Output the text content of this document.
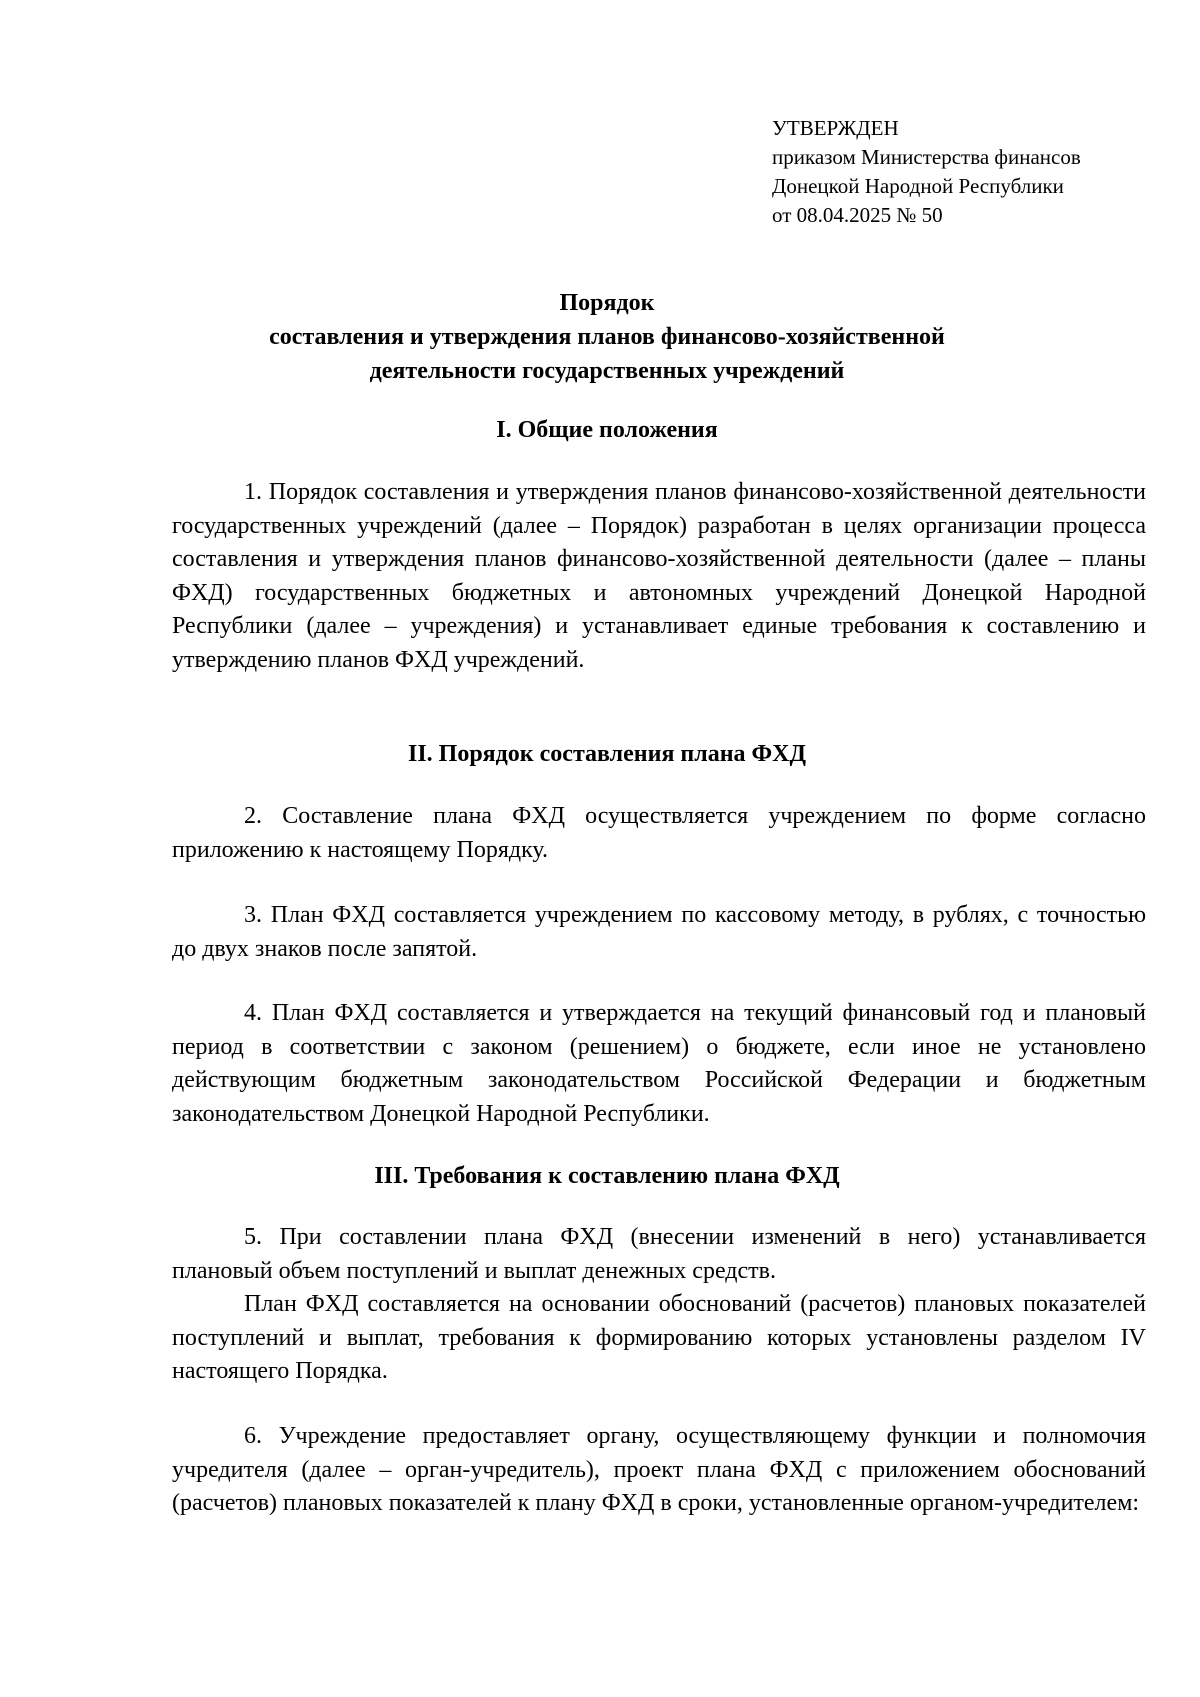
УТВЕРЖДЕН
приказом Министерства финансов
Донецкой Народной Республики
от 08.04.2025 № 50
Порядок
составления и утверждения планов финансово-хозяйственной
деятельности государственных учреждений
I. Общие положения
1. Порядок составления и утверждения планов финансово-хозяйственной деятельности государственных учреждений (далее – Порядок) разработан в целях организации процесса составления и утверждения планов финансово-хозяйственной деятельности (далее – планы ФХД) государственных бюджетных и автономных учреждений Донецкой Народной Республики (далее – учреждения) и устанавливает единые требования к составлению и утверждению планов ФХД учреждений.
II. Порядок составления плана ФХД
2. Составление плана ФХД осуществляется учреждением по форме согласно приложению к настоящему Порядку.
3. План ФХД составляется учреждением по кассовому методу, в рублях, с точностью до двух знаков после запятой.
4. План ФХД составляется и утверждается на текущий финансовый год и плановый период в соответствии с законом (решением) о бюджете, если иное не установлено действующим бюджетным законодательством Российской Федерации и бюджетным законодательством Донецкой Народной Республики.
III. Требования к составлению плана ФХД
5. При составлении плана ФХД (внесении изменений в него) устанавливается плановый объем поступлений и выплат денежных средств.
План ФХД составляется на основании обоснований (расчетов) плановых показателей поступлений и выплат, требования к формированию которых установлены разделом IV настоящего Порядка.
6. Учреждение предоставляет органу, осуществляющему функции и полномочия учредителя (далее – орган-учредитель), проект плана ФХД с приложением обоснований (расчетов) плановых показателей к плану ФХД в сроки, установленные органом-учредителем:
